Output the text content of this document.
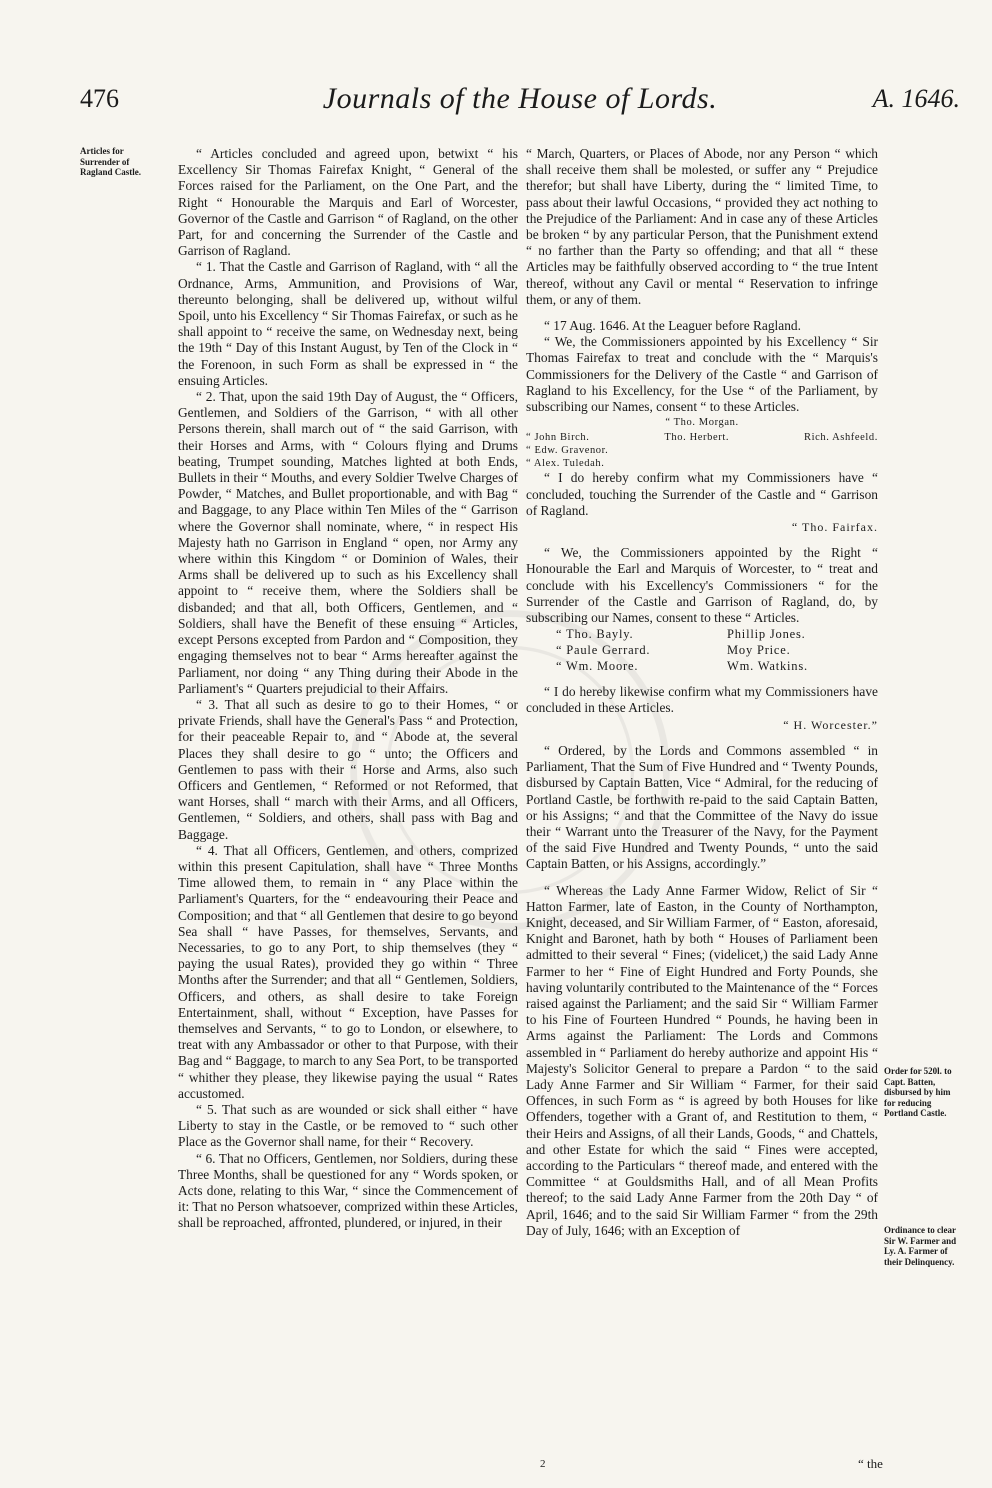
476	Journals of the House of Lords.	A. 1646.
Articles for Surrender of Ragland Castle.
Order for 520l. to Capt. Batten, disbursed by him for reducing Portland Castle.
Ordinance to clear Sir W. Farmer and Ly. A. Farmer of their Delinquency.

“ Articles concluded and agreed upon, betwixt “ his Excellency Sir Thomas Fairefax Knight, “ General of the Forces raised for the Parliament, on the One Part, and the Right “ Honourable the Marquis and Earl of Worcester, Governor of the Castle and Garrison “ of Ragland, on the other Part, for and concerning the Surrender of the Castle and Garrison of Ragland.

“ 1. That the Castle and Garrison of Ragland, with “ all the Ordnance, Arms, Ammunition, and Provisions of War, thereunto belonging, shall be delivered up, without wilful Spoil, unto his Excellency “ Sir Thomas Fairefax, or such as he shall appoint to “ receive the same, on Wednesday next, being the 19th “ Day of this Instant August, by Ten of the Clock in “ the Forenoon, in such Form as shall be expressed in “ the ensuing Articles.

“ 2. That, upon the said 19th Day of August, the “ Officers, Gentlemen, and Soldiers of the Garrison, “ with all other Persons therein, shall march out of “ the said Garrison, with their Horses and Arms, with “ Colours flying and Drums beating, Trumpet sounding, Matches lighted at both Ends, Bullets in their “ Mouths, and every Soldier Twelve Charges of Powder, “ Matches, and Bullet proportionable, and with Bag “ and Baggage, to any Place within Ten Miles of the “ Garrison where the Governor shall nominate, where, “ in respect His Majesty hath no Garrison in England “ open, nor Army any where within this Kingdom “ or Dominion of Wales, their Arms shall be delivered up to such as his Excellency shall appoint to “ receive them, where the Soldiers shall be disbanded; and that all, both Officers, Gentlemen, and “ Soldiers, shall have the Benefit of these ensuing “ Articles, except Persons excepted from Pardon and “ Composition, they engaging themselves not to bear “ Arms hereafter against the Parliament, nor doing “ any Thing during their Abode in the Parliament's “ Quarters prejudicial to their Affairs.

“ 3. That all such as desire to go to their Homes, “ or private Friends, shall have the General's Pass “ and Protection, for their peaceable Repair to, and “ Abode at, the several Places they shall desire to go “ unto; the Officers and Gentlemen to pass with their “ Horse and Arms, also such Officers and Gentlemen, “ Reformed or not Reformed, that want Horses, shall “ march with their Arms, and all Officers, Gentlemen, “ Soldiers, and others, shall pass with Bag and Baggage.

“ 4. That all Officers, Gentlemen, and others, comprized within this present Capitulation, shall have “ Three Months Time allowed them, to remain in “ any Place within the Parliament's Quarters, for the “ endeavouring their Peace and Composition; and that “ all Gentlemen that desire to go beyond Sea shall “ have Passes, for themselves, Servants, and Necessaries, to go to any Port, to ship themselves (they “ paying the usual Rates), provided they go within “ Three Months after the Surrender; and that all “ Gentlemen, Soldiers, Officers, and others, as shall desire to take Foreign Entertainment, shall, without “ Exception, have Passes for themselves and Servants, “ to go to London, or elsewhere, to treat with any Ambassador or other to that Purpose, with their Bag and “ Baggage, to march to any Sea Port, to be transported “ whither they please, they likewise paying the usual “ Rates accustomed.

“ 5. That such as are wounded or sick shall either “ have Liberty to stay in the Castle, or be removed to “ such other Place as the Governor shall name, for their “ Recovery.

“ 6. That no Officers, Gentlemen, nor Soldiers, during these Three Months, shall be questioned for any “ Words spoken, or Acts done, relating to this War, “ since the Commencement of it: That no Person whatsoever, comprized within these Articles, shall be reproached, affronted, plundered, or injured, in their

“ March, Quarters, or Places of Abode, nor any Person “ which shall receive them shall be molested, or suffer any “ Prejudice therefor; but shall have Liberty, during the “ limited Time, to pass about their lawful Occasions, “ provided they act nothing to the Prejudice of the Parliament: And in case any of these Articles be broken “ by any particular Person, that the Punishment extend “ no farther than the Party so offending; and that all “ these Articles may be faithfully observed according to “ the true Intent thereof, without any Cavil or mental “ Reservation to infringe them, or any of them.

“ 17 Aug. 1646. At the Leaguer before Ragland.

“ We, the Commissioners appointed by his Excellency “ Sir Thomas Fairefax to treat and conclude with the “ Marquis's Commissioners for the Delivery of the Castle “ and Garrison of Ragland to his Excellency, for the Use “ of the Parliament, by subscribing our Names, consent “ to these Articles.

“ Tho. Morgan.
“ John Birch.	Tho. Herbert.	Rich. Ashfeeld.
“ Edw. Gravenor.
“ Alex. Tuledah.

“ I do hereby confirm what my Commissioners have “ concluded, touching the Surrender of the Castle and “ Garrison of Ragland.

“ Tho. Fairfax.

“ We, the Commissioners appointed by the Right “ Honourable the Earl and Marquis of Worcester, to “ treat and conclude with his Excellency's Commissioners “ for the Surrender of the Castle and Garrison of Ragland, do, by subscribing our Names, consent to these “ Articles.

“ Tho. Bayly.	Phillip Jones.
“ Paule Gerrard.	Moy Price.
“ Wm. Moore.	Wm. Watkins.

“ I do hereby likewise confirm what my Commissioners have concluded in these Articles.

“ H. Worcester.”

“ Ordered, by the Lords and Commons assembled “ in Parliament, That the Sum of Five Hundred and “ Twenty Pounds, disbursed by Captain Batten, Vice “ Admiral, for the reducing of Portland Castle, be forthwith re-paid to the said Captain Batten, or his Assigns; “ and that the Committee of the Navy do issue their “ Warrant unto the Treasurer of the Navy, for the Payment of the said Five Hundred and Twenty Pounds, “ unto the said Captain Batten, or his Assigns, accordingly.”

“ Whereas the Lady Anne Farmer Widow, Relict of Sir “ Hatton Farmer, late of Easton, in the County of Northampton, Knight, deceased, and Sir William Farmer, of “ Easton, aforesaid, Knight and Baronet, hath by both “ Houses of Parliament been admitted to their several “ Fines; (videlicet,) the said Lady Anne Farmer to her “ Fine of Eight Hundred and Forty Pounds, she having voluntarily contributed to the Maintenance of the “ Forces raised against the Parliament; and the said Sir “ William Farmer to his Fine of Fourteen Hundred “ Pounds, he having been in Arms against the Parliament: The Lords and Commons assembled in “ Parliament do hereby authorize and appoint His “ Majesty's Solicitor General to prepare a Pardon “ to the said Lady Anne Farmer and Sir William “ Farmer, for their said Offences, in such Form as “ is agreed by both Houses for like Offenders, together with a Grant of, and Restitution to them, “ their Heirs and Assigns, of all their Lands, Goods, “ and Chattels, and other Estate for which the said “ Fines were accepted, according to the Particulars “ thereof made, and entered with the Committee “ at Gouldsmiths Hall, and of all Mean Profits thereof; to the said Lady Anne Farmer from the 20th Day “ of April, 1646; and to the said Sir William Farmer “ from the 29th Day of July, 1646; with an Exception of

2	“ the
